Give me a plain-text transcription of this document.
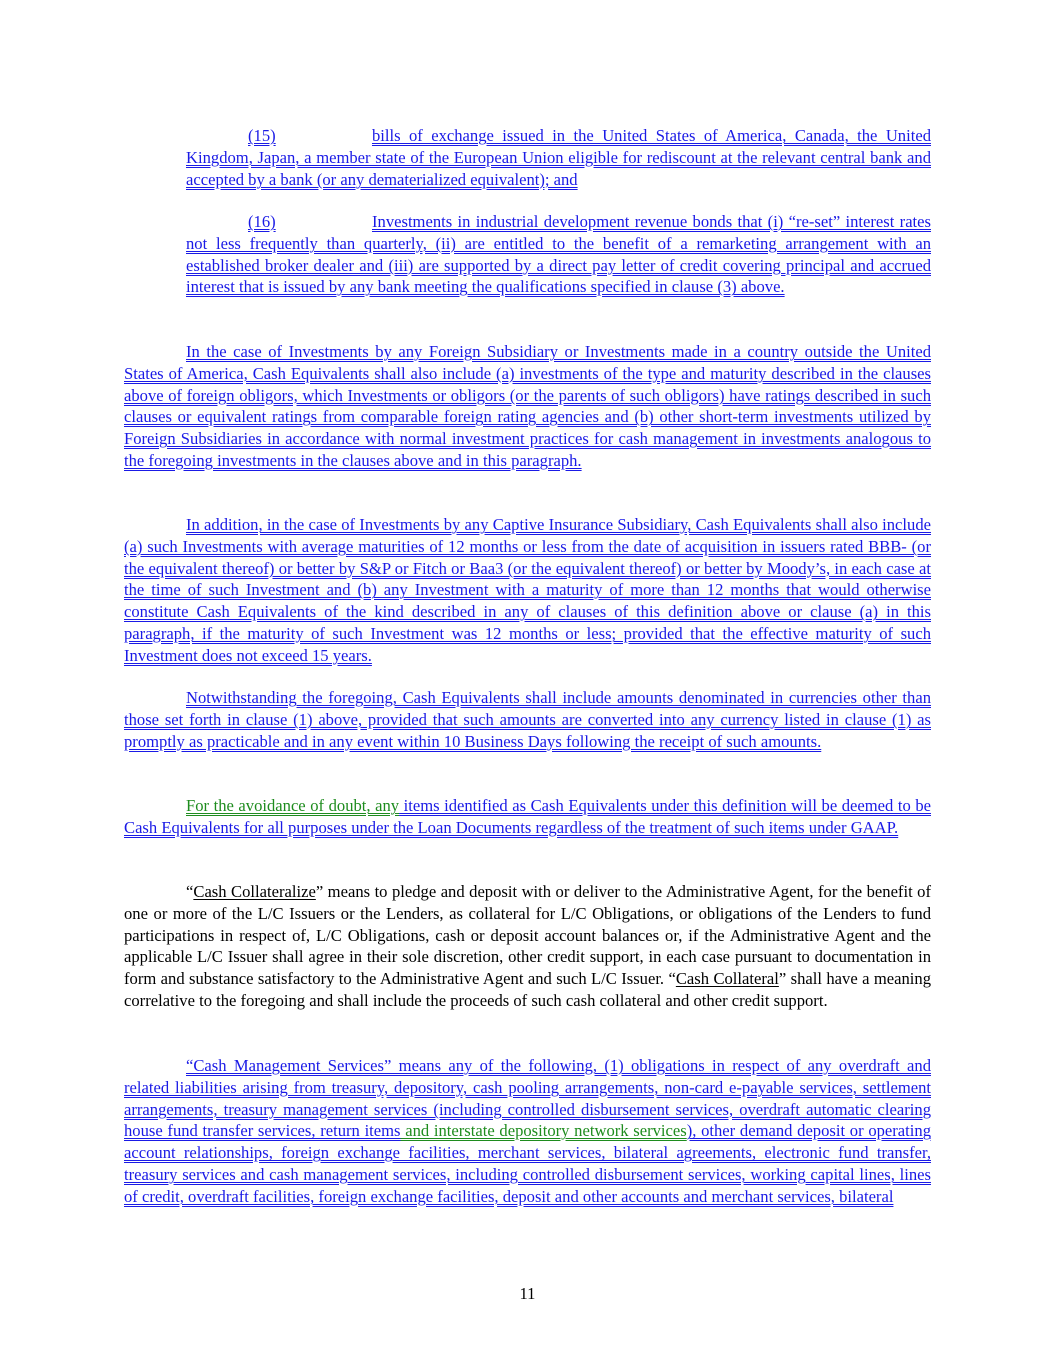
(15)	bills of exchange issued in the United States of America, Canada, the United Kingdom, Japan, a member state of the European Union eligible for rediscount at the relevant central bank and accepted by a bank (or any dematerialized equivalent); and

(16)	Investments in industrial development revenue bonds that (i) “re-set” interest rates not less frequently than quarterly, (ii) are entitled to the benefit of a remarketing arrangement with an established broker dealer and (iii) are supported by a direct pay letter of credit covering principal and accrued interest that is issued by any bank meeting the qualifications specified in clause (3) above.

In the case of Investments by any Foreign Subsidiary or Investments made in a country outside the United States of America, Cash Equivalents shall also include (a) investments of the type and maturity described in the clauses above of foreign obligors, which Investments or obligors (or the parents of such obligors) have ratings described in such clauses or equivalent ratings from comparable foreign rating agencies and (b) other short-term investments utilized by Foreign Subsidiaries in accordance with normal investment practices for cash management in investments analogous to the foregoing investments in the clauses above and in this paragraph.

In addition, in the case of Investments by any Captive Insurance Subsidiary, Cash Equivalents shall also include (a) such Investments with average maturities of 12 months or less from the date of acquisition in issuers rated BBB- (or the equivalent thereof) or better by S&P or Fitch or Baa3 (or the equivalent thereof) or better by Moody’s, in each case at the time of such Investment and (b) any Investment with a maturity of more than 12 months that would otherwise constitute Cash Equivalents of the kind described in any of clauses of this definition above or clause (a) in this paragraph, if the maturity of such Investment was 12 months or less; provided that the effective maturity of such Investment does not exceed 15 years.

Notwithstanding the foregoing, Cash Equivalents shall include amounts denominated in currencies other than those set forth in clause (1) above, provided that such amounts are converted into any currency listed in clause (1) as promptly as practicable and in any event within 10 Business Days following the receipt of such amounts.

For the avoidance of doubt, any items identified as Cash Equivalents under this definition will be deemed to be Cash Equivalents for all purposes under the Loan Documents regardless of the treatment of such items under GAAP.

“Cash Collateralize” means to pledge and deposit with or deliver to the Administrative Agent, for the benefit of one or more of the L/C Issuers or the Lenders, as collateral for L/C Obligations, or obligations of the Lenders to fund participations in respect of, L/C Obligations, cash or deposit account balances or, if the Administrative Agent and the applicable L/C Issuer shall agree in their sole discretion, other credit support, in each case pursuant to documentation in form and substance satisfactory to the Administrative Agent and such L/C Issuer. “Cash Collateral” shall have a meaning correlative to the foregoing and shall include the proceeds of such cash collateral and other credit support.

“Cash Management Services” means any of the following, (1) obligations in respect of any overdraft and related liabilities arising from treasury, depository, cash pooling arrangements, non-card e-payable services, settlement arrangements, treasury management services (including controlled disbursement services, overdraft automatic clearing house fund transfer services, return items and interstate depository network services), other demand deposit or operating account relationships, foreign exchange facilities, merchant services, bilateral agreements, electronic fund transfer, treasury services and cash management services, including controlled disbursement services, working capital lines, lines of credit, overdraft facilities, foreign exchange facilities, deposit and other accounts and merchant services, bilateral

11
